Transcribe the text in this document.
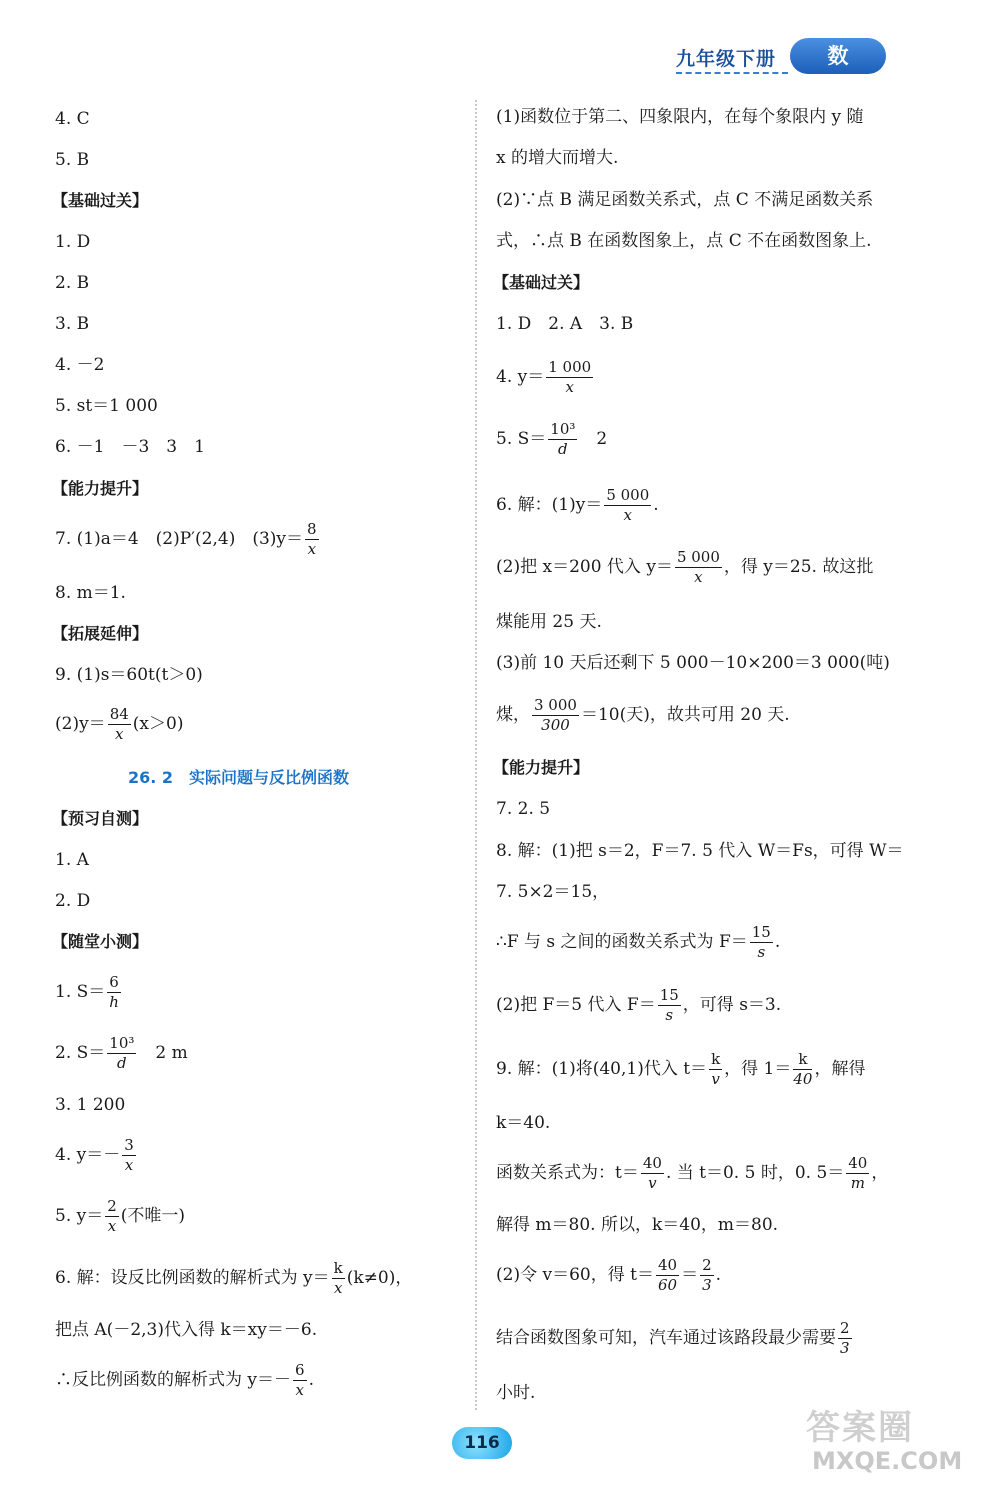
九年级下册	数 学
4. C
5. B
【基础过关】
1. D
2. B
3. B
4. －2
5. st＝1 000
6. －1　－3　3　1
【能力提升】
7. (1)a＝4　(2)P′(2,4)　$(3)y= \frac{8}{x}$
8. m＝1.
【拓展延伸】
9. (1)s＝60t(t＞0)
$(2)y= \frac{84}{x} (x>0)$
26. 2　实际问题与反比例函数
【预习自测】
1. A
2. D
【随堂小测】
1. $S= \frac{6}{h}$
2. $S= \frac{\text{10³}}{d}$ 　2 m
3. 1 200
4. $y=- \frac{3}{x}$
5. $y= \frac{2}{x}$ (不唯一)
6. 解：设反比例函数的解析式为 $y= \frac{k}{x} (k\ne 0)$，
把点 A(－2,3)代入得 k＝xy＝－6.
∴反比例函数的解析式为 $y=- \frac{6}{x}$ .
(1)函数位于第二、四象限内，在每个象限内 y 随
x 的增大而增大.
(2)∵点 B 满足函数关系式，点 C 不满足函数关系
式，∴点 B 在函数图象上，点 C 不在函数图象上.
【基础过关】
1. D　2. A　3. B
4. $y= \frac{1 000}{x}$
5. $S= \frac{\text{10³}}{d}$ 　2
6. 解：$(1)y= \frac{5 000}{x}$ .
(2)把 x＝200 代入 $y= \frac{5 000}{x}$ ，得 y＝25. 故这批
煤能用 25 天.
(3)前 10 天后还剩下 5 000－10×200＝3 000(吨)
煤， $\frac{3 000}{300} =10$(天)，故共可用 20 天.
【能力提升】
7. 2. 5
8. 解：(1)把 s＝2，F＝7. 5 代入 W＝Fs，可得 W＝
7. 5×2＝15，
∴F 与 s 之间的函数关系式为 $F= \frac{15}{s}$ .
(2)把 F＝5 代入 $F= \frac{15}{s}$ ，可得 s＝3.
9. 解：(1)将(40,1)代入 $t= \frac{k}{v}$ ，得 $1= \frac{k}{40}$ ，解得
k＝40.
函数关系式为：$t= \frac{40}{v}$ . 当 t＝0. 5 时，0. $5= \frac{40}{m}$ ，
解得 m＝80. 所以，k＝40，m＝80.
(2)令 v＝60，得 $t= \frac{40}{60} = \frac{2}{3}$ .
结合函数图象可知，汽车通过该路段最少需要 $\frac{2}{3}$
小时.
116	答案圈
MXQE.COM
